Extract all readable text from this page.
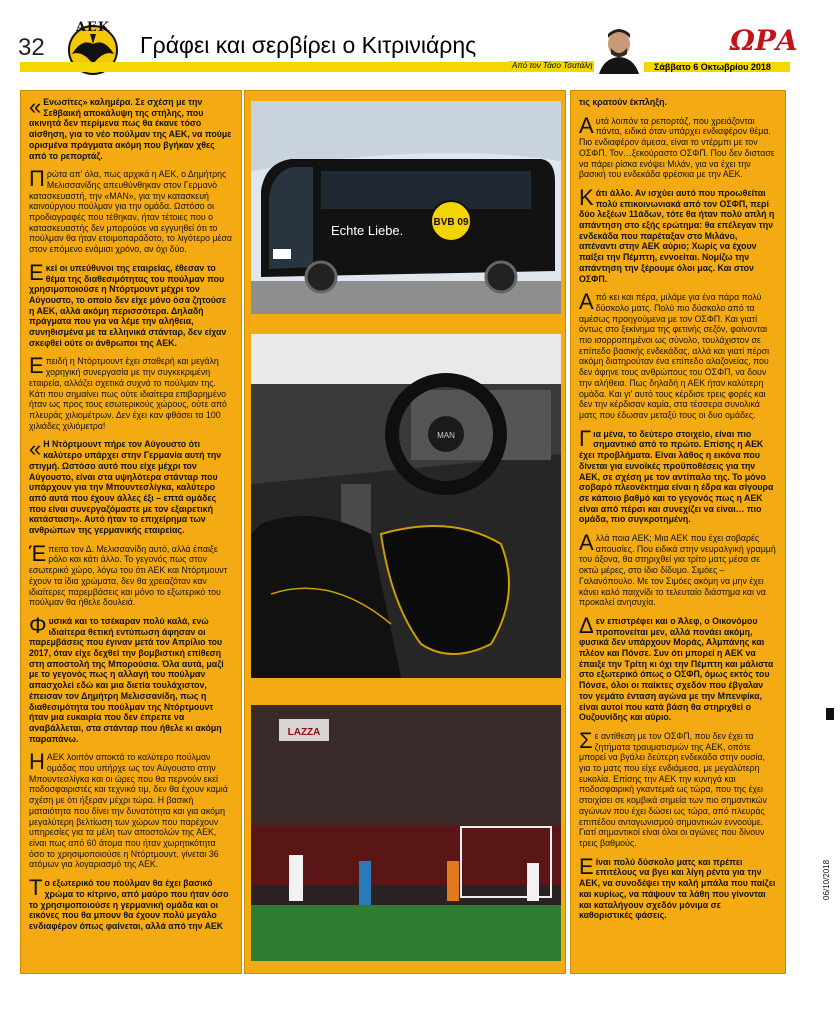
32
ΑΕΚ
Γράφει και σερβίρει ο Κιτρινιάρης
Από τον Τάσο Τσατάλη
ΩΡΑ
Σάββατο 6 Οκτωβρίου 2018

« Ενωσίτες» καλημέρα. Σε σχέση με την Σεθβαική αποκάλυψη της στήλης, που ακινητά δεν περίμενα πως θα έκανε τόσο αίσθηση, για το νέο πούλμαν της ΑΕΚ, να πούμε ορισμένα πράγματα ακόμη που βγήκαν χθες από το ρεπορτάζ.

Πρώτα απ' όλα, πως αρχικά η ΑΕΚ, ο Δημήτρης Μελισσανίδης απευθύνθηκαν στον Γερμανό κατασκευαστή, την «ΜΑΝ», για την κατασκευή καινούργιου πούλμαν για την ομάδα. Ωστόσο οι προδιαγραφές που τέθηκαν, ήταν τέτοιες που ο κατασκευαστής δεν μπορούσε να εγγυηθεί ότι το πούλμαν θα ήταν ετοιμοπαράδοτο, το λιγότερο μέσα στον επόμενο ενάμισι χρόνο, αν όχι δύο.

Εκεί οι υπεύθυνοι της εταιρείας, έθεσαν το θέμα της διαθεσιμότητας του πούλμαν που χρησιμοποιούσε η Ντόρτμουντ μέχρι τον Αύγουστο, το οποίο δεν είχε μόνο όσα ζητούσε η ΑΕΚ, αλλά ακόμη περισσότερα. Δηλαδή πράγματα που για να λέμε την αλήθεια, συνηθισμένα με τα ελληνικά στάνταρ, δεν είχαν σκεφθεί ούτε οι άνθρωποι της ΑΕΚ.

Επειδή η Ντόρτμουντ έχει σταθερή και μεγάλη χορηγική συνεργασία με την συγκεκριμένη εταιρεία, αλλάζει σχετικά συχνά το πούλμαν της. Κάτι που σημαίνει πως ούτε ιδιαίτερα επιβαρημένο ήταν ως προς τους εσωτερικούς χώρους, ούτε από πλευράς χιλιομέτρων. Δεν έχει καν φθάσει τα 100 χιλιάδες χιλιόμετρα!

« Η Ντόρτμουντ πήρε τον Αύγουστο ότι καλύτερο υπάρχει στην Γερμανία αυτή την στιγμή. Ωστόσο αυτό που είχε μέχρι τον Αύγουστο, είναι στα υψηλότερα στάνταρ που υπάρχουν για την Μπουντεσλίγκα, καλύτερο από αυτά που έχουν άλλες έξι – επτά ομάδες που είναι συνεργαζόμαστε με τον εξαιρετική κατάσταση». Αυτό ήταν το επιχείρημα των ανθρώπων της γερμανικής εταιρείας.

Έπειτα τον Δ. Μελισσανίδη αυτό, αλλά έπαιξε ρόλο και κάτι άλλο. Το γεγονός πως στον εσωτερικό χώρο, λόγω του ότι ΑΕΚ και Ντόρτμουντ έχουν τα ίδια χρώματα, δεν θα χρειαζόταν καν ιδιαίτερες παρεμβάσεις και μόνο το εξωτερικό του πούλμαν θα ήθελε δουλειά.

Φυσικά και το τσέκαραν πολύ καλά, ενώ ιδιαίτερα θετική εντύπωση άφησαν οι παρεμβάσεις που έγιναν μετά τον Απρίλιο του 2017, όταν είχε δεχθεί την βομβιστική επίθεση στη αποστολή της Μπορούσια. Όλα αυτά, μαζί με το γεγονός πως η αλλαγή του πούλμαν απασχολεί εδώ και μια διετία τουλάχιστον, έπεισαν τον Δημήτρη Μελισσανίδη, πως η διαθεσιμότητα του πούλμαν της Ντόρτμουντ ήταν μια ευκαιρία που δεν έπρεπε να αναβάλλεται, στα στάνταρ που ήθελε κι ακόμη παραπάνω.

ΗΑΕΚ λοιπόν αποκτά το καλύτερο πούλμαν ομάδας που υπήρχε ως τον Αύγουστο στην Μπουντεσλίγκα και οι ώρες που θα περνούν εκεί ποδοσφαιριστές και τεχνικό τιμ, δεν θα έχουν καμιά σχέση με ότι ήξεραν μέχρι τώρα. Η βασική ματαιότητα που δίνει την δυνατότητα και για ακόμη μεγαλύτερη βελτίωση των χώρων που παρέχουν υπηρεσίες για τα μέλη των αποστολών της ΑΕΚ, είναι πως από 60 άτομα που ήταν χωρητικότητα όσο το χρησιμοποιούσε η Ντόρτμουντ, γίνεται 36 ατόμων για λογαριασμό της ΑΕΚ.

Το εξωτερικό του πούλμαν θα έχει βασικό χρώμα το κίτρινο, από μαύρο που ήταν όσο το χρησιμοποιούσε η γερμανική ομάδα και οι εικόνες που θα μπουν θα έχουν πολύ μεγάλο ενδιαφέρον όπως φαίνεται, αλλά από την ΑΕΚ

BVB 09
Echte Liebe.
MAN
LAZZA

τις κρατούν έκπληξη.

Αυτά λοιπόν τα ρεπορτάζ, που χρειάζονται πάντα, ειδικά όταν υπάρχει ενδιαφέρον θέμα. Πιο ενδιαφέρον άμεσα, είναι το ντέρμπι με τον ΟΣΦΠ. Τον…ξεκούραστο ΟΣΦΠ. Που δεν διστασε να πάρει ρίσκα ενόψει Μιλάν, για να έχει την βασική του ενδεκάδα φρέσκια με την ΑΕΚ.

Κάτι άλλο. Αν ισχύει αυτό που προωθείται πολύ επικοινωνιακά από τον ΟΣΦΠ, περί δύο λεξέων 11άδων, τότε θα ήταν πολύ απλή η απάντηση στο εξής ερώτημα: θα επέλεγαν την ενδεκάδα που παρέταξαν στο Μιλάνο, απέναντι στην ΑΕΚ αύριο; Χωρίς να έχουν παίξει την Πέμπτη, εννοείται. Νομίζω την απάντηση την ξέρουμε όλοι μας. Και στον ΟΣΦΠ.

Από κει και πέρα, μιλάμε για ένα πάρα πολύ δύσκολο ματς. Πολύ πιο δύσκολο από τα αμέσως προηγούμενα με τον ΟΣΦΠ. Και γιατί όντως στο ξεκίνημα της φετινής σεζόν, φαίνονται πιο ισορροπημένοι ως σύνολο, τουλάχιστον σε επίπεδο βασικής ενδεκάδας, αλλά και γιατί πέρσι ακόμη διατηρούταν ένα επίπεδο αλαζονείας, που δεν άφηνε τους ανθρώπους του ΟΣΦΠ, να δουν την αλήθεια. Πως δηλαδή η ΑΕΚ ήταν καλύτερη ομάδα. Και γι' αυτό τους κέρδισε τρεις φορές και δεν την κέρδισαν καμία, στα τέσσερα συνολικά ματς που έδωσαν μεταξύ τους οι δυο ομάδες.

Για μένα, το δεύτερο στοιχείο, είναι πιο σημαντικό από το πρώτο. Επίσης η ΑΕΚ έχει προβλήματα. Είναι λάθος η εικόνα που δίνεται για ευνοϊκές προϋποθέσεις για την ΑΕΚ, σε σχέση με τον αντίπαλο της. Το μόνο σοβαρό πλεονέκτημα είναι η έδρα και σίγουρα σε κάποιο βαθμό και το γεγονός πως η ΑΕΚ είναι από πέρσι και συνεχίζει να είναι… πιο ομάδα, πιο συγκροτημένη.

Αλλά ποια ΑΕΚ; Μια ΑΕΚ που έχει σοβαρές απουσίες. Που ειδικά στην νευραλγική γραμμή του άξονα, θα στηριχθεί για τρίτο ματς μέσα σε οκτώ μέρες, στο ίδιο δίδυμο. Σιμόες – Γαλανόπουλο. Με τον Σιμόες ακόμη να μην έχει κάνει καλό παιχνίδι το τελευταίο διάστημα και να προκαλεί ανησυχία.

Δεν επιστρέφει και ο Άλεφ, ο Οικονόμου προπονείται μεν, αλλά πονάει ακόμη, φυσικά δεν υπάρχουν Μοράς, Αλμπάνης και πλέον και Πόνσε. Συν ότι μπορεί η ΑΕΚ να έπαιξε την Τρίτη κι όχι την Πέμπτη και μάλιστα στο εξωτερικό όπως ο ΟΣΦΠ, όμως εκτός του Πόνσε, όλοι οι παίκτες σχεδόν που έβγαλαν τον γεμάτο ένταση αγώνα με την Μπενφίκα, είναι αυτοί που κατά βάση θα στηριχθεί ο Ουζουνίδης και αύριο.

Σε αντίθεση με τον ΟΣΦΠ, που δεν έχει τα ζητήματα τραυματισμών της ΑΕΚ, οπότε μπορεί να βγάλει δεύτερη ενδεκάδα στην ουσία, για το ματς που είχε ενδιάμεσα, με μεγαλύτερη ευκολία. Επίσης την ΑΕΚ την κυνηγά και ποδοσφαιρική γκαντεμιά ως τώρα, που της έχει στοιχίσει σε κομβικά σημεία των πιο σημαντικών αγώνων που έχει δώσει ως τώρα, από πλευράς επιπέδου ανταγωνισμού σημαντικών εννοούμε. Γιατί σημαντικοί είναι όλοι οι αγώνες που δίνουν τρεις βαθμούς.

Είναι πολύ δύσκολο ματς και πρέπει επιτέλους να βγει και λίγη ρέντα για την ΑΕΚ, να συνοδέψει την καλή μπάλα που παίζει και κυρίως, να πάψουν τα λάθη που γίνονται και καταλήγουν σχεδόν μόνιμα σε καθοριστικές φάσεις.

06/10/2018
